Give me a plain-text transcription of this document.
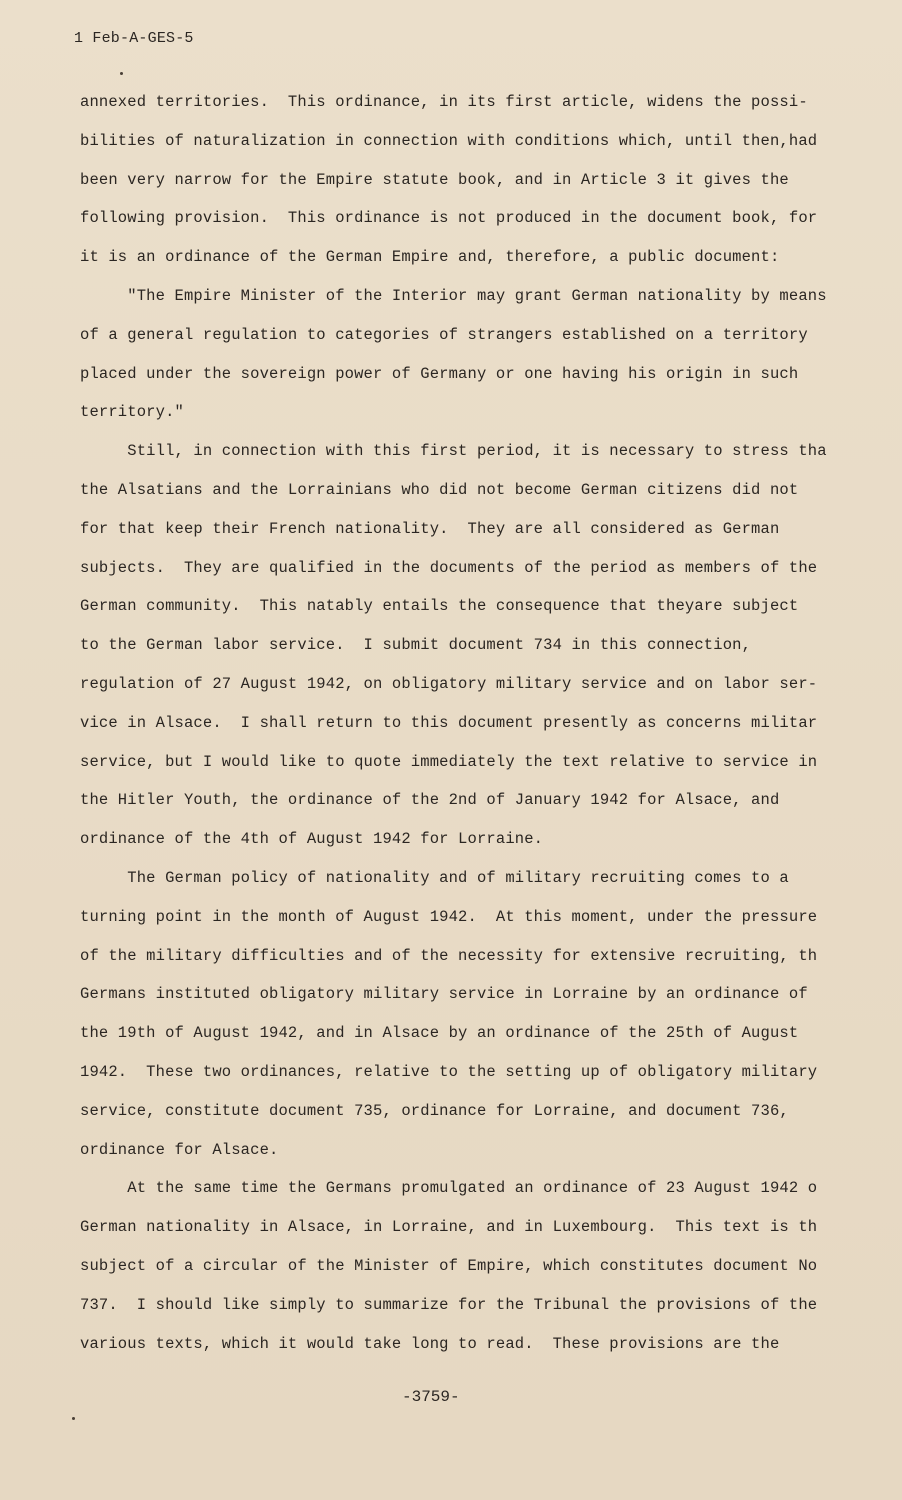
1 Feb-A-GES-5
annexed territories.  This ordinance, in its first article, widens the possi-
bilities of naturalization in connection with conditions which, until then,had
been very narrow for the Empire statute book, and in Article 3 it gives the
following provision.  This ordinance is not produced in the document book, for
it is an ordinance of the German Empire and, therefore, a public document:
"The Empire Minister of the Interior may grant German nationality by means
of a general regulation to categories of strangers established on a territory
placed under the sovereign power of Germany or one having his origin in such
territory."
Still, in connection with this first period, it is necessary to stress tha
the Alsatians and the Lorrainians who did not become German citizens did not
for that keep their French nationality.  They are all considered as German
subjects.  They are qualified in the documents of the period as members of the
German community.  This natably entails the consequence that theyare subject
to the German labor service.  I submit document 734 in this connection,
regulation of 27 August 1942, on obligatory military service and on labor ser-
vice in Alsace.  I shall return to this document presently as concerns militar
service, but I would like to quote immediately the text relative to service in
the Hitler Youth, the ordinance of the 2nd of January 1942 for Alsace, and
ordinance of the 4th of August 1942 for Lorraine.
The German policy of nationality and of military recruiting comes to a
turning point in the month of August 1942.  At this moment, under the pressure
of the military difficulties and of the necessity for extensive recruiting, th
Germans instituted obligatory military service in Lorraine by an ordinance of
the 19th of August 1942, and in Alsace by an ordinance of the 25th of August
1942.  These two ordinances, relative to the setting up of obligatory military
service, constitute document 735, ordinance for Lorraine, and document 736,
ordinance for Alsace.
At the same time the Germans promulgated an ordinance of 23 August 1942 o
German nationality in Alsace, in Lorraine, and in Luxembourg.  This text is th
subject of a circular of the Minister of Empire, which constitutes document No
737.  I should like simply to summarize for the Tribunal the provisions of the
various texts, which it would take long to read.  These provisions are the
-3759-
